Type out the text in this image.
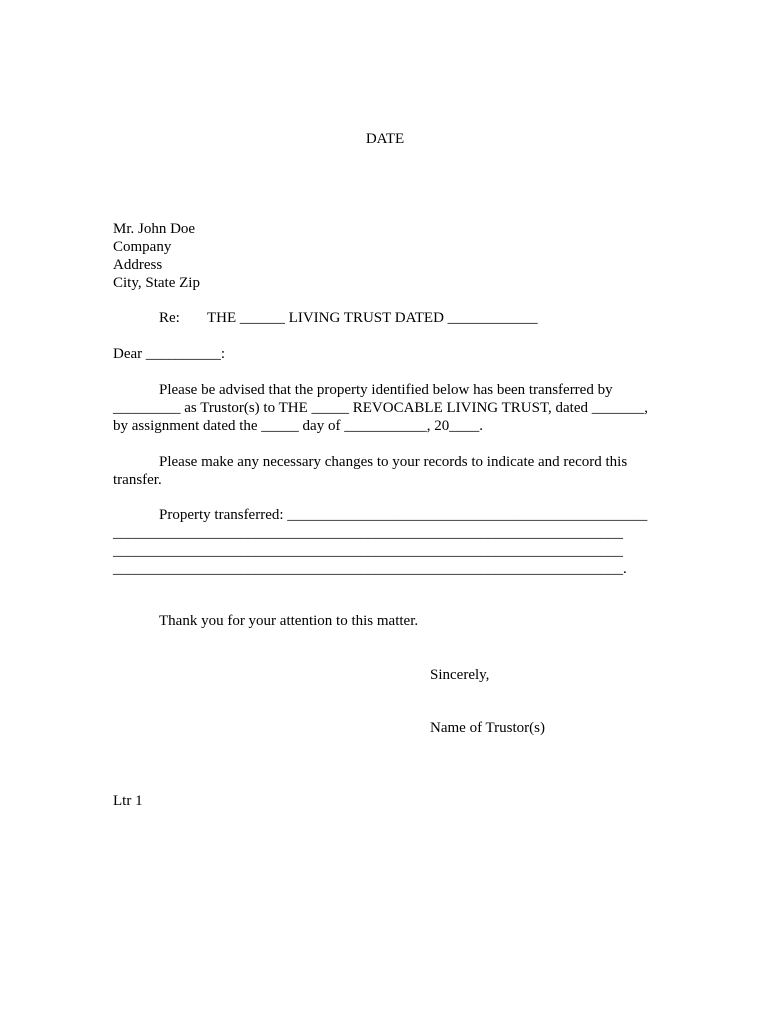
DATE

Mr. John Doe

Company

Address

City, State Zip

Re: THE ______ LIVING TRUST DATED ____________

Dear __________:

Please be advised that the property identified below has been transferred by

_________ as Trustor(s) to THE _____ REVOCABLE LIVING TRUST, dated _______,

by assignment dated the _____ day of ___________, 20____.

Please make any necessary changes to your records to indicate and record this

transfer.

Property transferred: ________________________________________________

____________________________________________________________________

____________________________________________________________________

____________________________________________________________________.

Thank you for your attention to this matter.

Sincerely,

Name of Trustor(s)

Ltr 1
